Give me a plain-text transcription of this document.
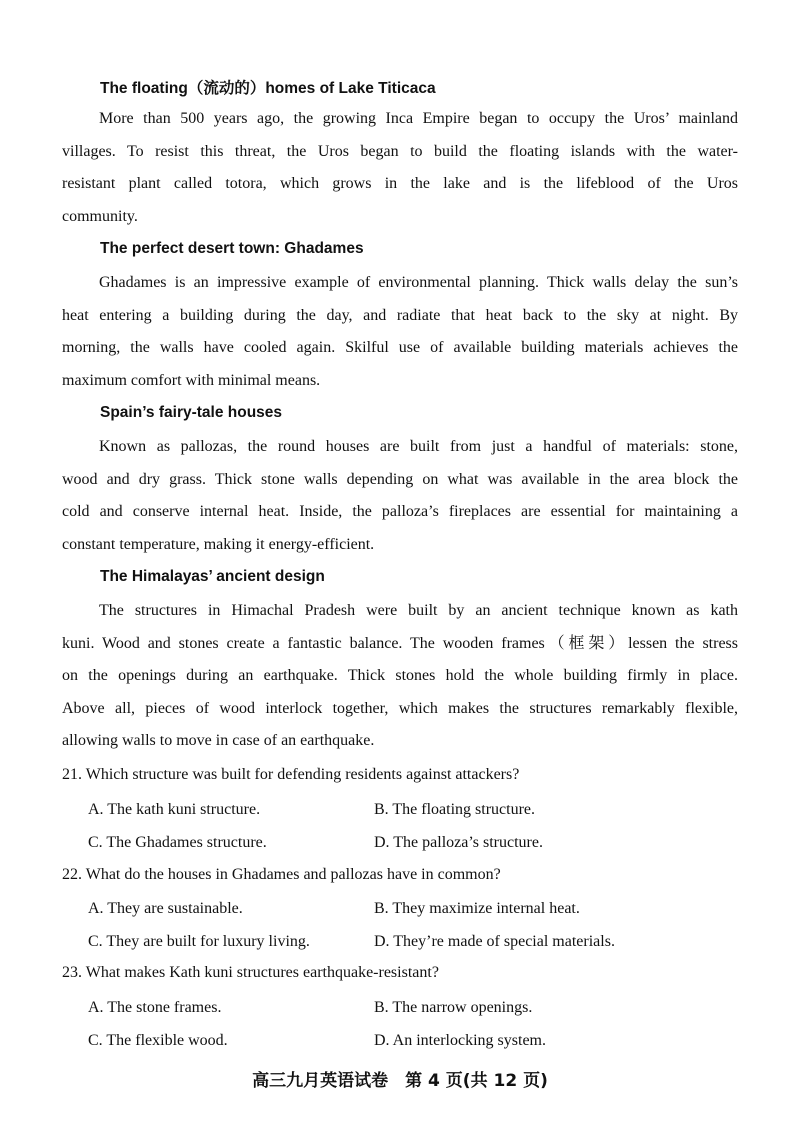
The floating（流动的）homes of Lake Titicaca
More than 500 years ago, the growing Inca Empire began to occupy the Uros’ mainland
villages. To resist this threat, the Uros began to build the floating islands with the water-
resistant plant called totora, which grows in the lake and is the lifeblood of the Uros
community.
The perfect desert town: Ghadames
Ghadames is an impressive example of environmental planning. Thick walls delay the sun’s
heat entering a building during the day, and radiate that heat back to the sky at night. By
morning, the walls have cooled again. Skilful use of available building materials achieves the
maximum comfort with minimal means.
Spain’s fairy-tale houses
Known as pallozas, the round houses are built from just a handful of materials: stone,
wood and dry grass. Thick stone walls depending on what was available in the area block the
cold and conserve internal heat. Inside, the palloza’s fireplaces are essential for maintaining a
constant temperature, making it energy-efficient.
The Himalayas’ ancient design
The structures in Himachal Pradesh were built by an ancient technique known as kath
kuni. Wood and stones create a fantastic balance. The wooden frames（框架）lessen the stress
on the openings during an earthquake. Thick stones hold the whole building firmly in place.
Above all, pieces of wood interlock together, which makes the structures remarkably flexible,
allowing walls to move in case of an earthquake.
21. Which structure was built for defending residents against attackers?
A. The kath kuni structure.	B. The floating structure.
C. The Ghadames structure.	D. The palloza’s structure.
22. What do the houses in Ghadames and pallozas have in common?
A. They are sustainable.	B. They maximize internal heat.
C. They are built for luxury living.	D. They’re made of special materials.
23. What makes Kath kuni structures earthquake-resistant?
A. The stone frames.	B. The narrow openings.
C. The flexible wood.	D. An interlocking system.
高三九月英语试卷　第 4 页(共 12 页)
